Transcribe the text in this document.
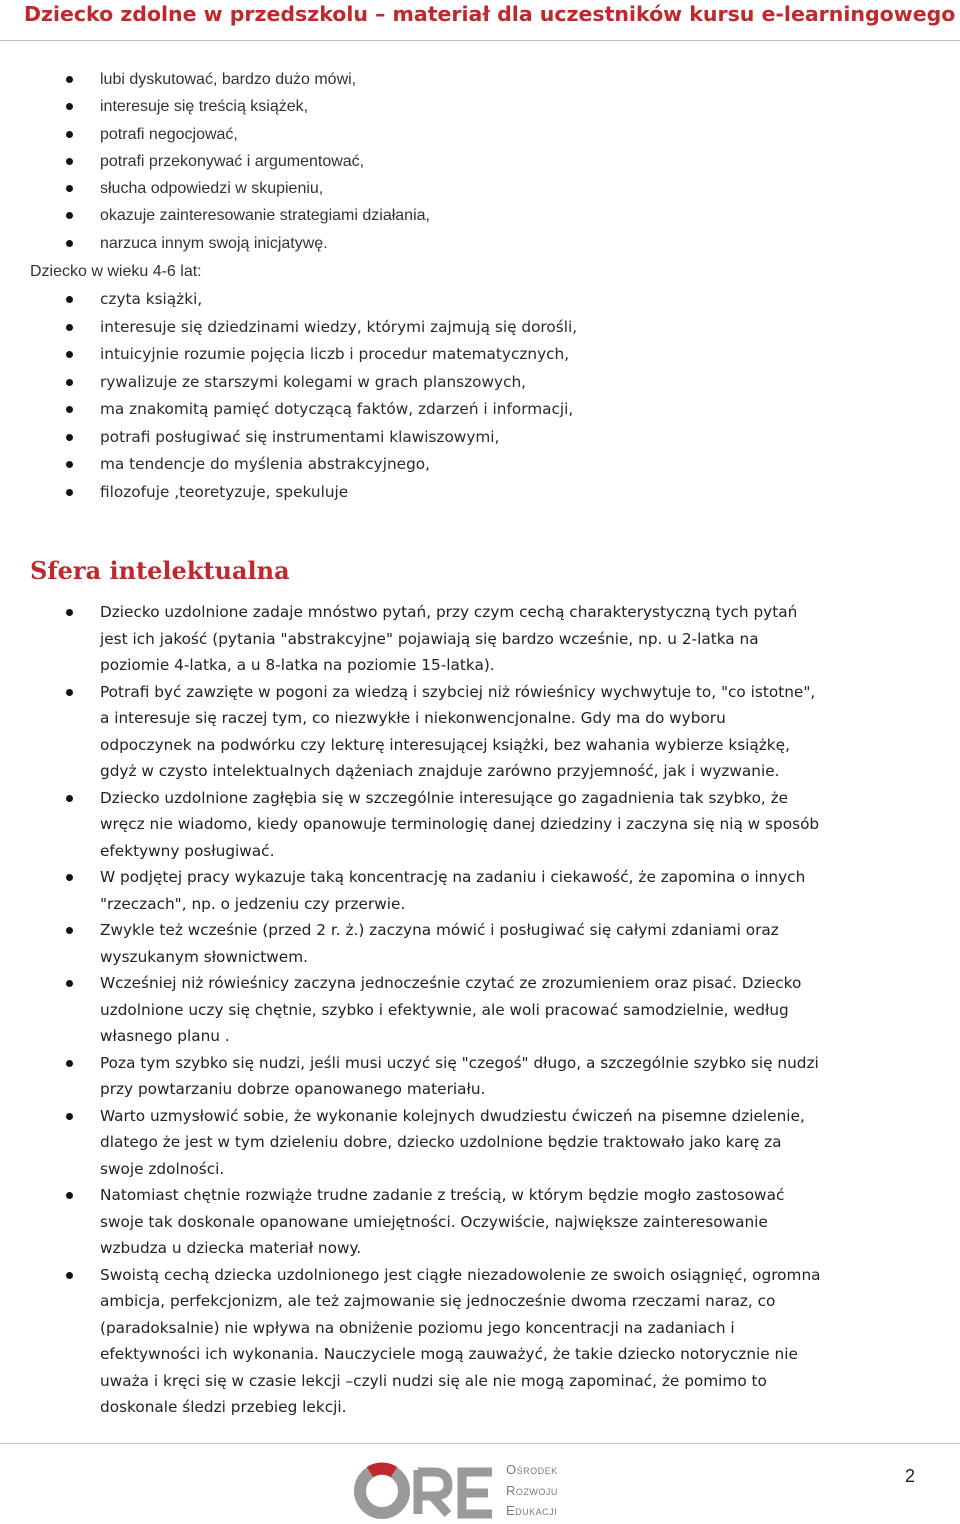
Dziecko zdolne w przedszkolu – materiał dla uczestników kursu e-learningowego
lubi dyskutować, bardzo dużo mówi,
interesuje się treścią książek,
potrafi negocjować,
potrafi przekonywać i argumentować,
słucha odpowiedzi w skupieniu,
okazuje zainteresowanie strategiami działania,
narzuca innym swoją inicjatywę.
Dziecko w wieku 4-6 lat:
czyta książki,
interesuje się dziedzinami wiedzy, którymi zajmują się dorośli,
intuicyjnie rozumie pojęcia liczb i procedur matematycznych,
rywalizuje ze starszymi kolegami w grach planszowych,
ma znakomitą pamięć dotyczącą faktów, zdarzeń i informacji,
potrafi posługiwać się instrumentami klawiszowymi,
ma tendencje do myślenia abstrakcyjnego,
filozofuje ,teoretyzuje, spekuluje
Sfera intelektualna
Dziecko uzdolnione zadaje mnóstwo pytań, przy czym cechą charakterystyczną tych pytań
jest ich jakość (pytania "abstrakcyjne" pojawiają się bardzo wcześnie, np. u 2-latka na
poziomie 4-latka, a u 8-latka na poziomie 15-latka).
Potrafi być zawzięte w pogoni za wiedzą i szybciej niż rówieśnicy wychwytuje to, "co istotne",
a interesuje się raczej tym, co niezwykłe i niekonwencjonalne. Gdy ma do wyboru
odpoczynek na podwórku czy lekturę interesującej książki, bez wahania wybierze książkę,
gdyż w czysto intelektualnych dążeniach znajduje zarówno przyjemność, jak i wyzwanie.
Dziecko uzdolnione zagłębia się w szczególnie interesujące go zagadnienia tak szybko, że
wręcz nie wiadomo, kiedy opanowuje terminologię danej dziedziny i zaczyna się nią w sposób
efektywny posługiwać.
W podjętej pracy wykazuje taką koncentrację na zadaniu i ciekawość, że zapomina o innych
"rzeczach", np. o jedzeniu czy przerwie.
Zwykle też wcześnie (przed 2 r. ż.) zaczyna mówić i posługiwać się całymi zdaniami oraz
wyszukanym słownictwem.
Wcześniej niż rówieśnicy zaczyna jednocześnie czytać ze zrozumieniem oraz pisać. Dziecko
uzdolnione uczy się chętnie, szybko i efektywnie, ale woli pracować samodzielnie, według
własnego planu .
Poza tym szybko się nudzi, jeśli musi uczyć się "czegoś" długo, a szczególnie szybko się nudzi
przy powtarzaniu dobrze opanowanego materiału.
Warto uzmysłowić sobie, że wykonanie kolejnych dwudziestu ćwiczeń na pisemne dzielenie,
dlatego że jest w tym dzieleniu dobre, dziecko uzdolnione będzie traktowało jako karę za
swoje zdolności.
Natomiast chętnie rozwiąże trudne zadanie z treścią, w którym będzie mogło zastosować
swoje tak doskonale opanowane umiejętności. Oczywiście, największe zainteresowanie
wzbudza u dziecka materiał nowy.
Swoistą cechą dziecka uzdolnionego jest ciągłe niezadowolenie ze swoich osiągnięć, ogromna
ambicja, perfekcjonizm, ale też zajmowanie się jednocześnie dwoma rzeczami naraz, co
(paradoksalnie) nie wpływa na obniżenie poziomu jego koncentracji na zadaniach i
efektywności ich wykonania. Nauczyciele mogą zauważyć, że takie dziecko notorycznie nie
uważa i kręci się w czasie lekcji –czyli nudzi się ale nie mogą zapominać, że pomimo to
doskonale śledzi przebieg lekcji.
Ośrodek
Rozwoju
Edukacji
2
